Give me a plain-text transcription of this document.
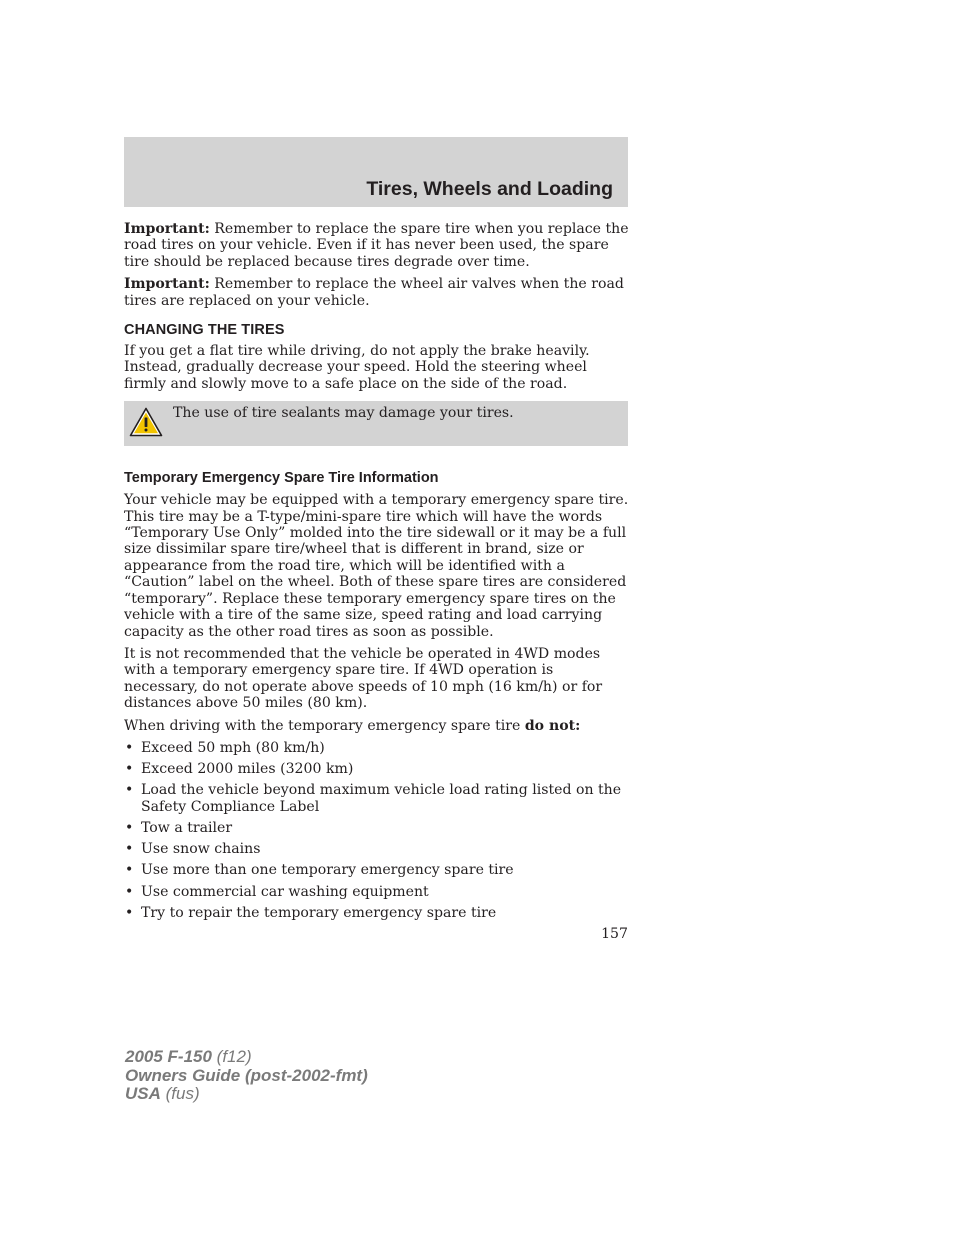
Tires, Wheels and Loading

Important: Remember to replace the spare tire when you replace the road tires on your vehicle. Even if it has never been used, the spare tire should be replaced because tires degrade over time.

Important: Remember to replace the wheel air valves when the road tires are replaced on your vehicle.

CHANGING THE TIRES

If you get a flat tire while driving, do not apply the brake heavily. Instead, gradually decrease your speed. Hold the steering wheel firmly and slowly move to a safe place on the side of the road.

The use of tire sealants may damage your tires.

Temporary Emergency Spare Tire Information

Your vehicle may be equipped with a temporary emergency spare tire. This tire may be a T-type/mini-spare tire which will have the words “Temporary Use Only” molded into the tire sidewall or it may be a full size dissimilar spare tire/wheel that is different in brand, size or appearance from the road tire, which will be identified with a “Caution” label on the wheel. Both of these spare tires are considered “temporary”. Replace these temporary emergency spare tires on the vehicle with a tire of the same size, speed rating and load carrying capacity as the other road tires as soon as possible.

It is not recommended that the vehicle be operated in 4WD modes with a temporary emergency spare tire. If 4WD operation is necessary, do not operate above speeds of 10 mph (16 km/h) or for distances above 50 miles (80 km).

When driving with the temporary emergency spare tire do not:

• Exceed 50 mph (80 km/h)
• Exceed 2000 miles (3200 km)
• Load the vehicle beyond maximum vehicle load rating listed on the Safety Compliance Label
• Tow a trailer
• Use snow chains
• Use more than one temporary emergency spare tire
• Use commercial car washing equipment
• Try to repair the temporary emergency spare tire
157
2005 F-150 (f12)
Owners Guide (post-2002-fmt)
USA (fus)
